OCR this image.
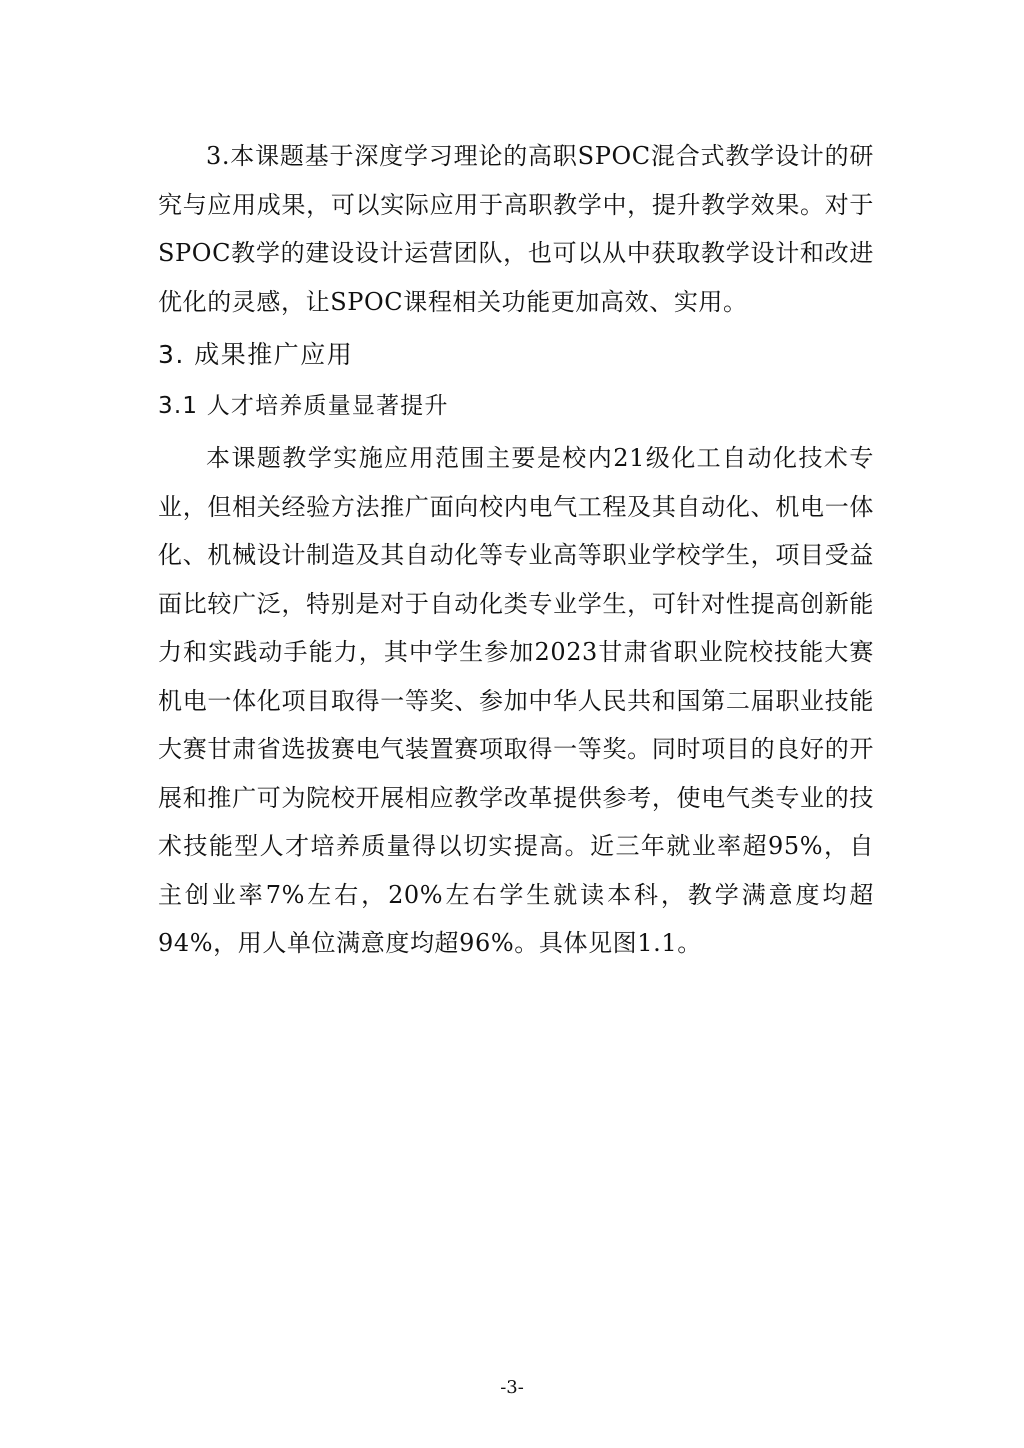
3.本课题基于深度学习理论的高职SPOC混合式教学设计的研究与应用成果，可以实际应用于高职教学中，提升教学效果。对于SPOC教学的建设设计运营团队，也可以从中获取教学设计和改进优化的灵感，让SPOC课程相关功能更加高效、实用。

3. 成果推广应用
3.1 人才培养质量显著提升

本课题教学实施应用范围主要是校内21级化工自动化技术专业，但相关经验方法推广面向校内电气工程及其自动化、机电一体化、机械设计制造及其自动化等专业高等职业学校学生，项目受益面比较广泛，特别是对于自动化类专业学生，可针对性提高创新能力和实践动手能力，其中学生参加2023甘肃省职业院校技能大赛机电一体化项目取得一等奖、参加中华人民共和国第二届职业技能大赛甘肃省选拔赛电气装置赛项取得一等奖。同时项目的良好的开展和推广可为院校开展相应教学改革提供参考，使电气类专业的技术技能型人才培养质量得以切实提高。近三年就业率超95%，自主创业率7%左右，20%左右学生就读本科，教学满意度均超94%，用人单位满意度均超96%。具体见图1.1。

-3-
